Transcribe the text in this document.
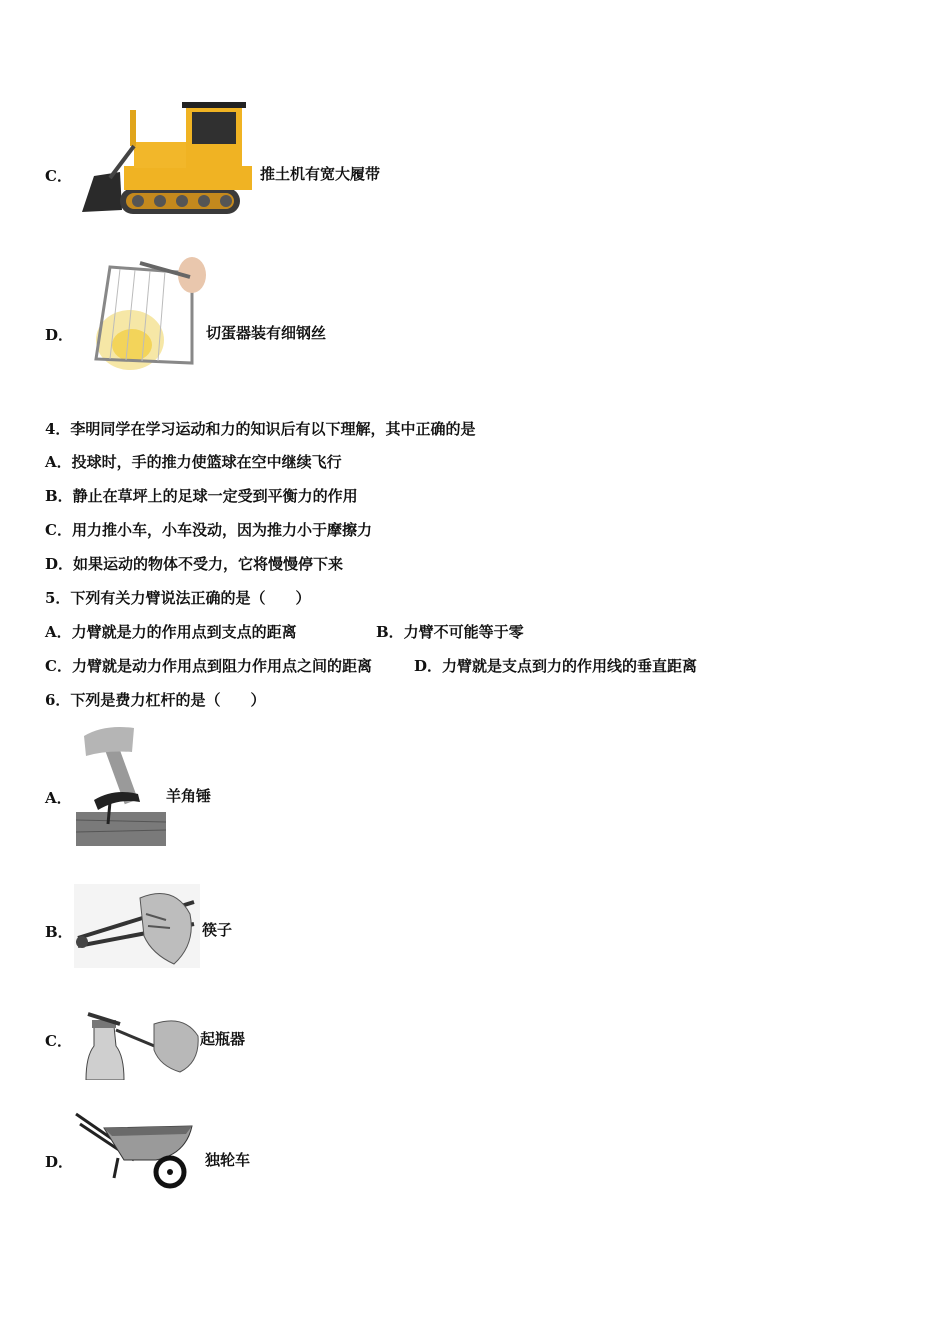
C．	推土机有宽大履带
D．	切蛋器装有细钢丝
4．李明同学在学习运动和力的知识后有以下理解，其中正确的是
A．投球时，手的推力使篮球在空中继续飞行
B．静止在草坪上的足球一定受到平衡力的作用
C．用力推小车，小车没动，因为推力小于摩擦力
D．如果运动的物体不受力，它将慢慢停下来
5．下列有关力臂说法正确的是（　　）
A．力臂就是力的作用点到支点的距离	B．力臂不可能等于零
C．力臂就是动力作用点到阻力作用点之间的距离	D．力臂就是支点到力的作用线的垂直距离
6．下列是费力杠杆的是（　　）
A．	羊角锤
B．	筷子
C．	起瓶器
D．	独轮车
